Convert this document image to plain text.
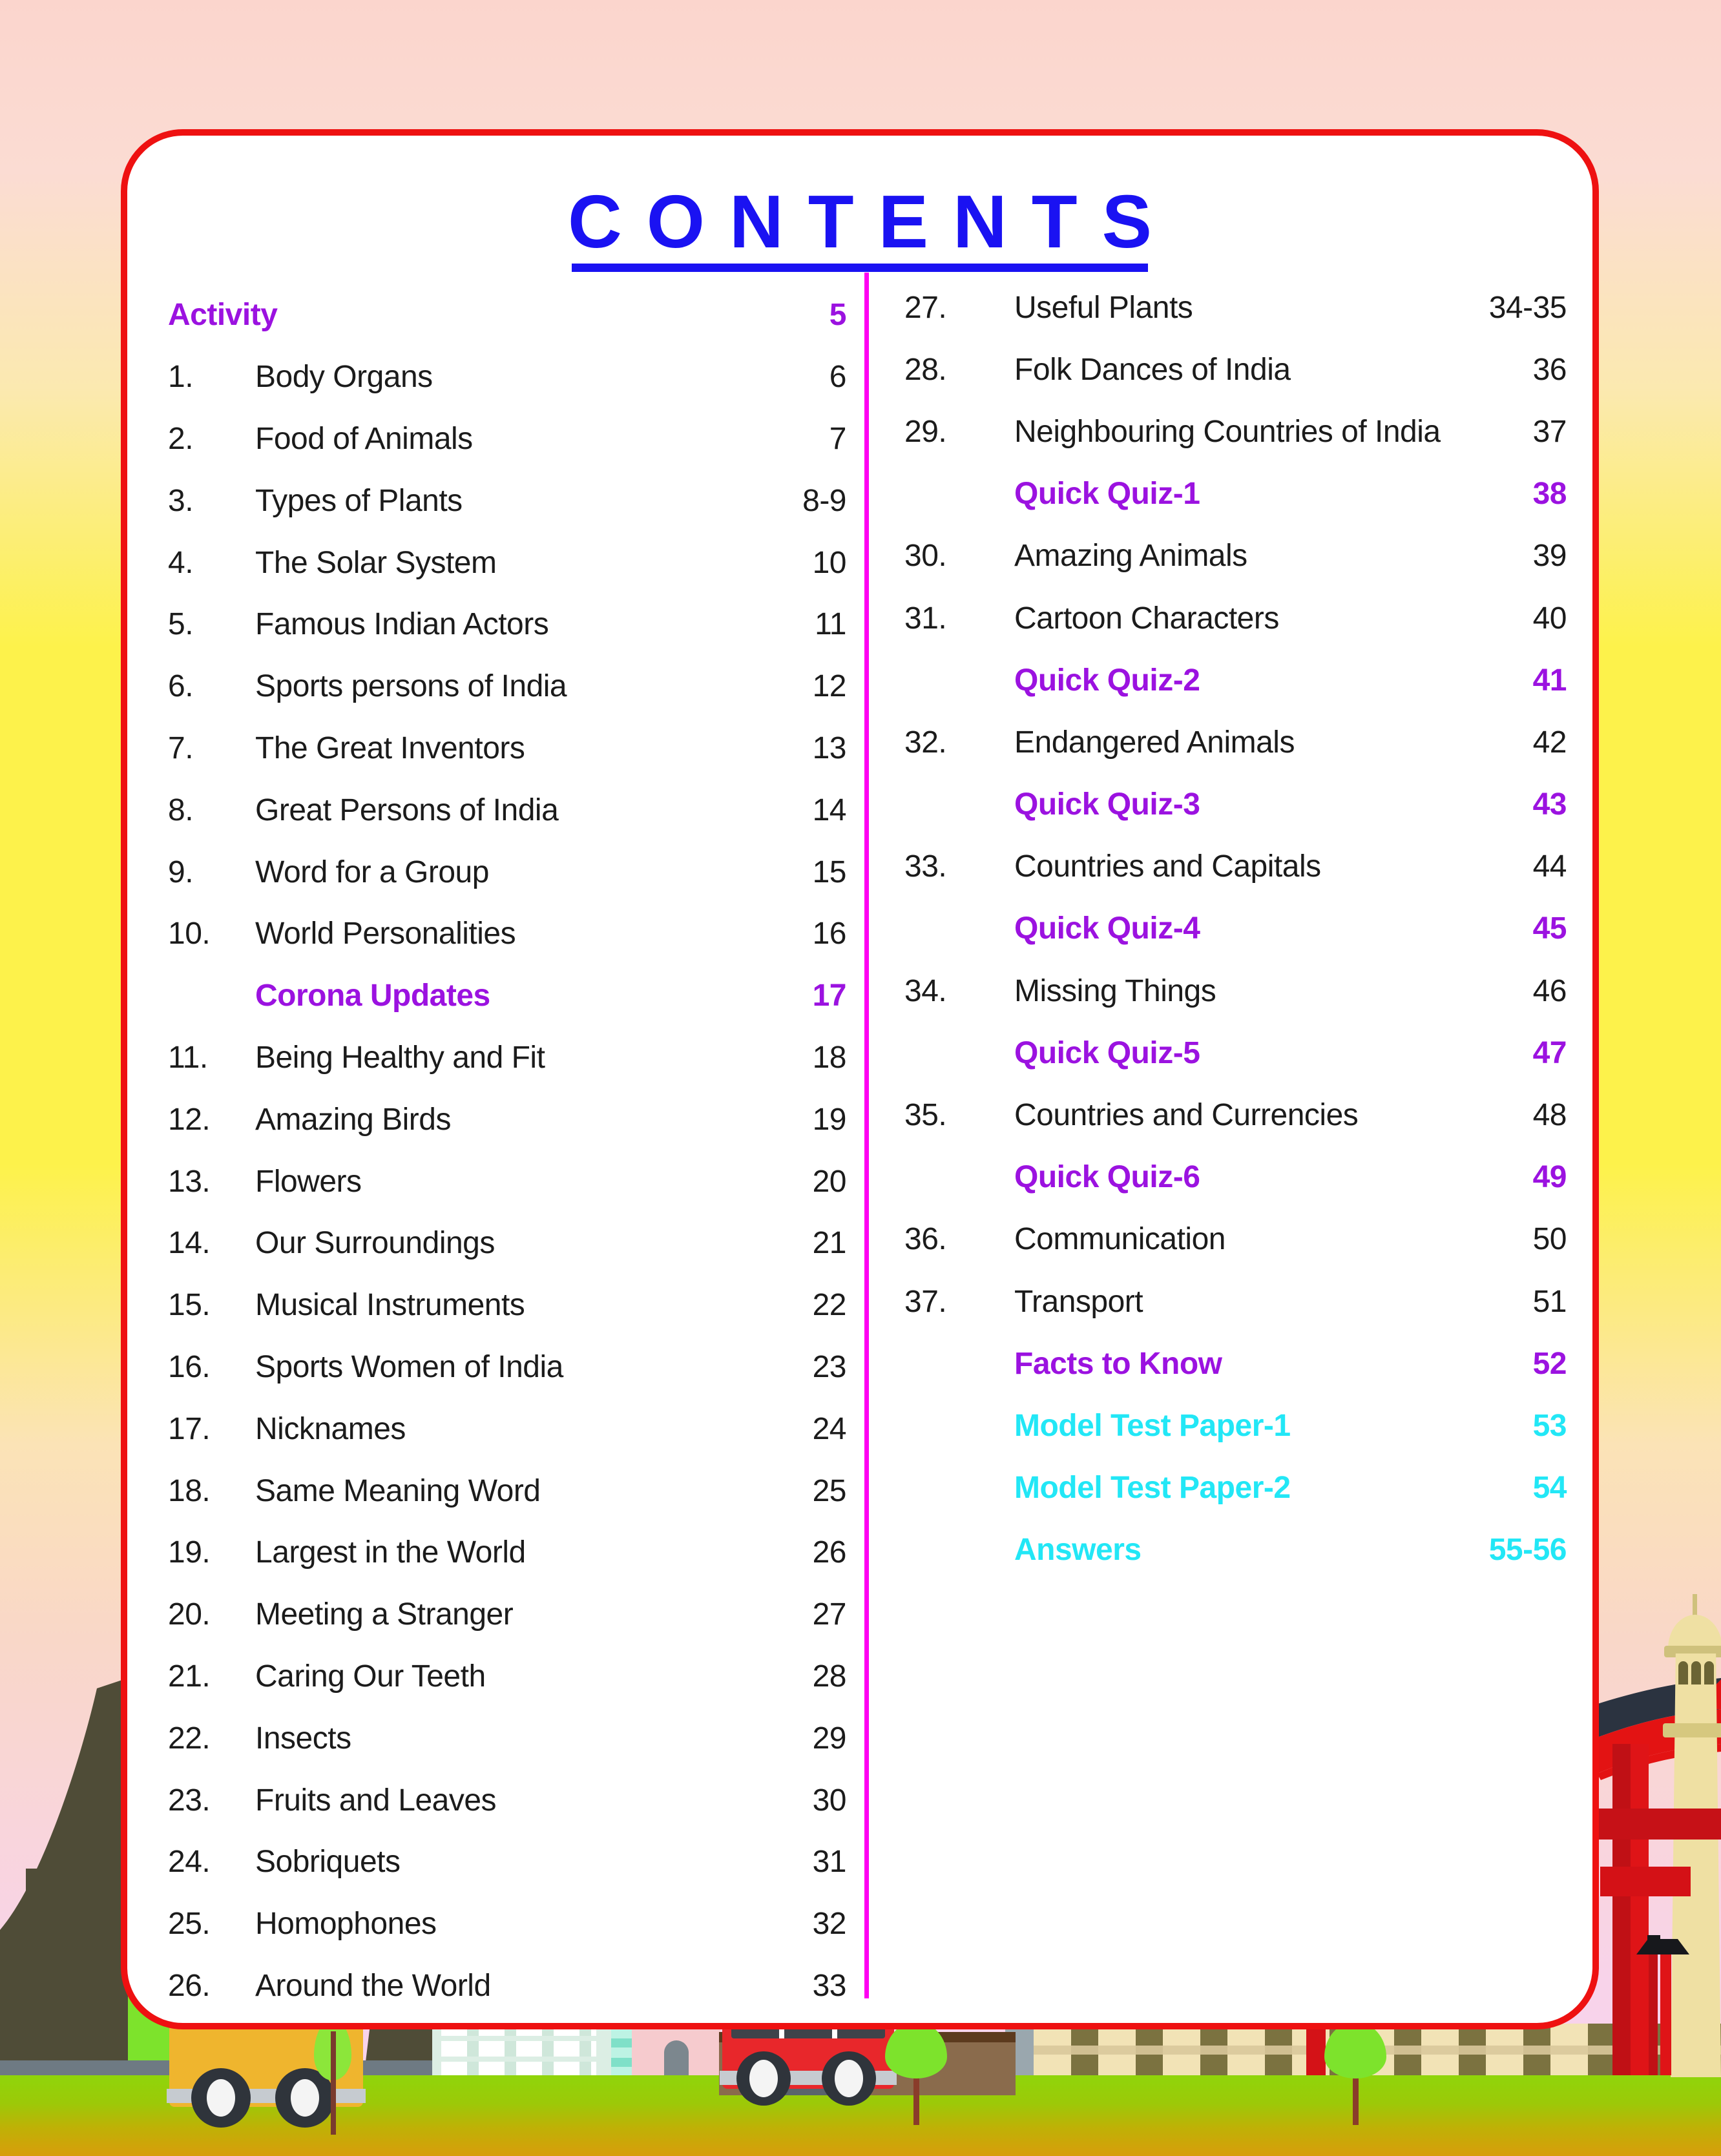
CONTENTS
Activity	5
1.	Body Organs	6
2.	Food of Animals	7
3.	Types of Plants	8-9
4.	The Solar System	10
5.	Famous Indian Actors	11
6.	Sports persons of India	12
7.	The Great Inventors	13
8.	Great Persons of India	14
9.	Word for a Group	15
10.	World Personalities	16
Corona Updates	17
11.	Being Healthy and Fit	18
12.	Amazing Birds	19
13.	Flowers	20
14.	Our Surroundings	21
15.	Musical Instruments	22
16.	Sports Women of India	23
17.	Nicknames	24
18.	Same Meaning Word	25
19.	Largest in the World	26
20.	Meeting a Stranger	27
21.	Caring Our Teeth	28
22.	Insects	29
23.	Fruits and Leaves	30
24.	Sobriquets	31
25.	Homophones	32
26.	Around the World	33
27.	Useful Plants	34-35
28.	Folk Dances of India	36
29.	Neighbouring Countries of India	37
Quick Quiz-1	38
30.	Amazing Animals	39
31.	Cartoon Characters	40
Quick Quiz-2	41
32.	Endangered Animals	42
Quick Quiz-3	43
33.	Countries and Capitals	44
Quick Quiz-4	45
34.	Missing Things	46
Quick Quiz-5	47
35.	Countries and Currencies	48
Quick Quiz-6	49
36.	Communication	50
37.	Transport	51
Facts to Know	52
Model Test Paper-1	53
Model Test Paper-2	54
Answers	55-56
